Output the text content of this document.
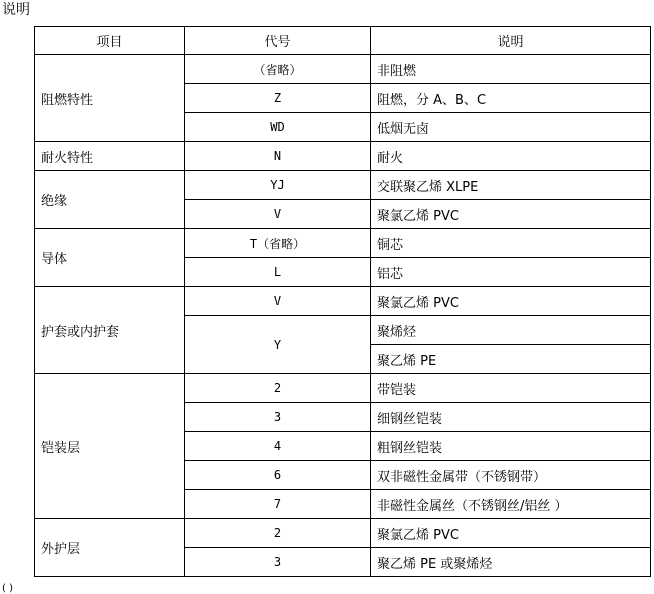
说明
项目	代号	说明
阻燃特性	（省略）	非阻燃
	Z	阻燃，分 A、B、C
	WD	低烟无卤
耐火特性	N	耐火
绝缘	YJ	交联聚乙烯 XLPE
	V	聚氯乙烯 PVC
导体	T（省略）	铜芯
	L	铝芯
护套或内护套	V	聚氯乙烯 PVC
	Y	聚烯烃
		聚乙烯 PE
铠装层	2	带铠装
	3	细钢丝铠装
	4	粗钢丝铠装
	6	双非磁性金属带（不锈钢带）
	7	非磁性金属丝（不锈钢丝/铝丝 ）
外护层	2	聚氯乙烯 PVC
	3	聚乙烯 PE 或聚烯烃
( )
